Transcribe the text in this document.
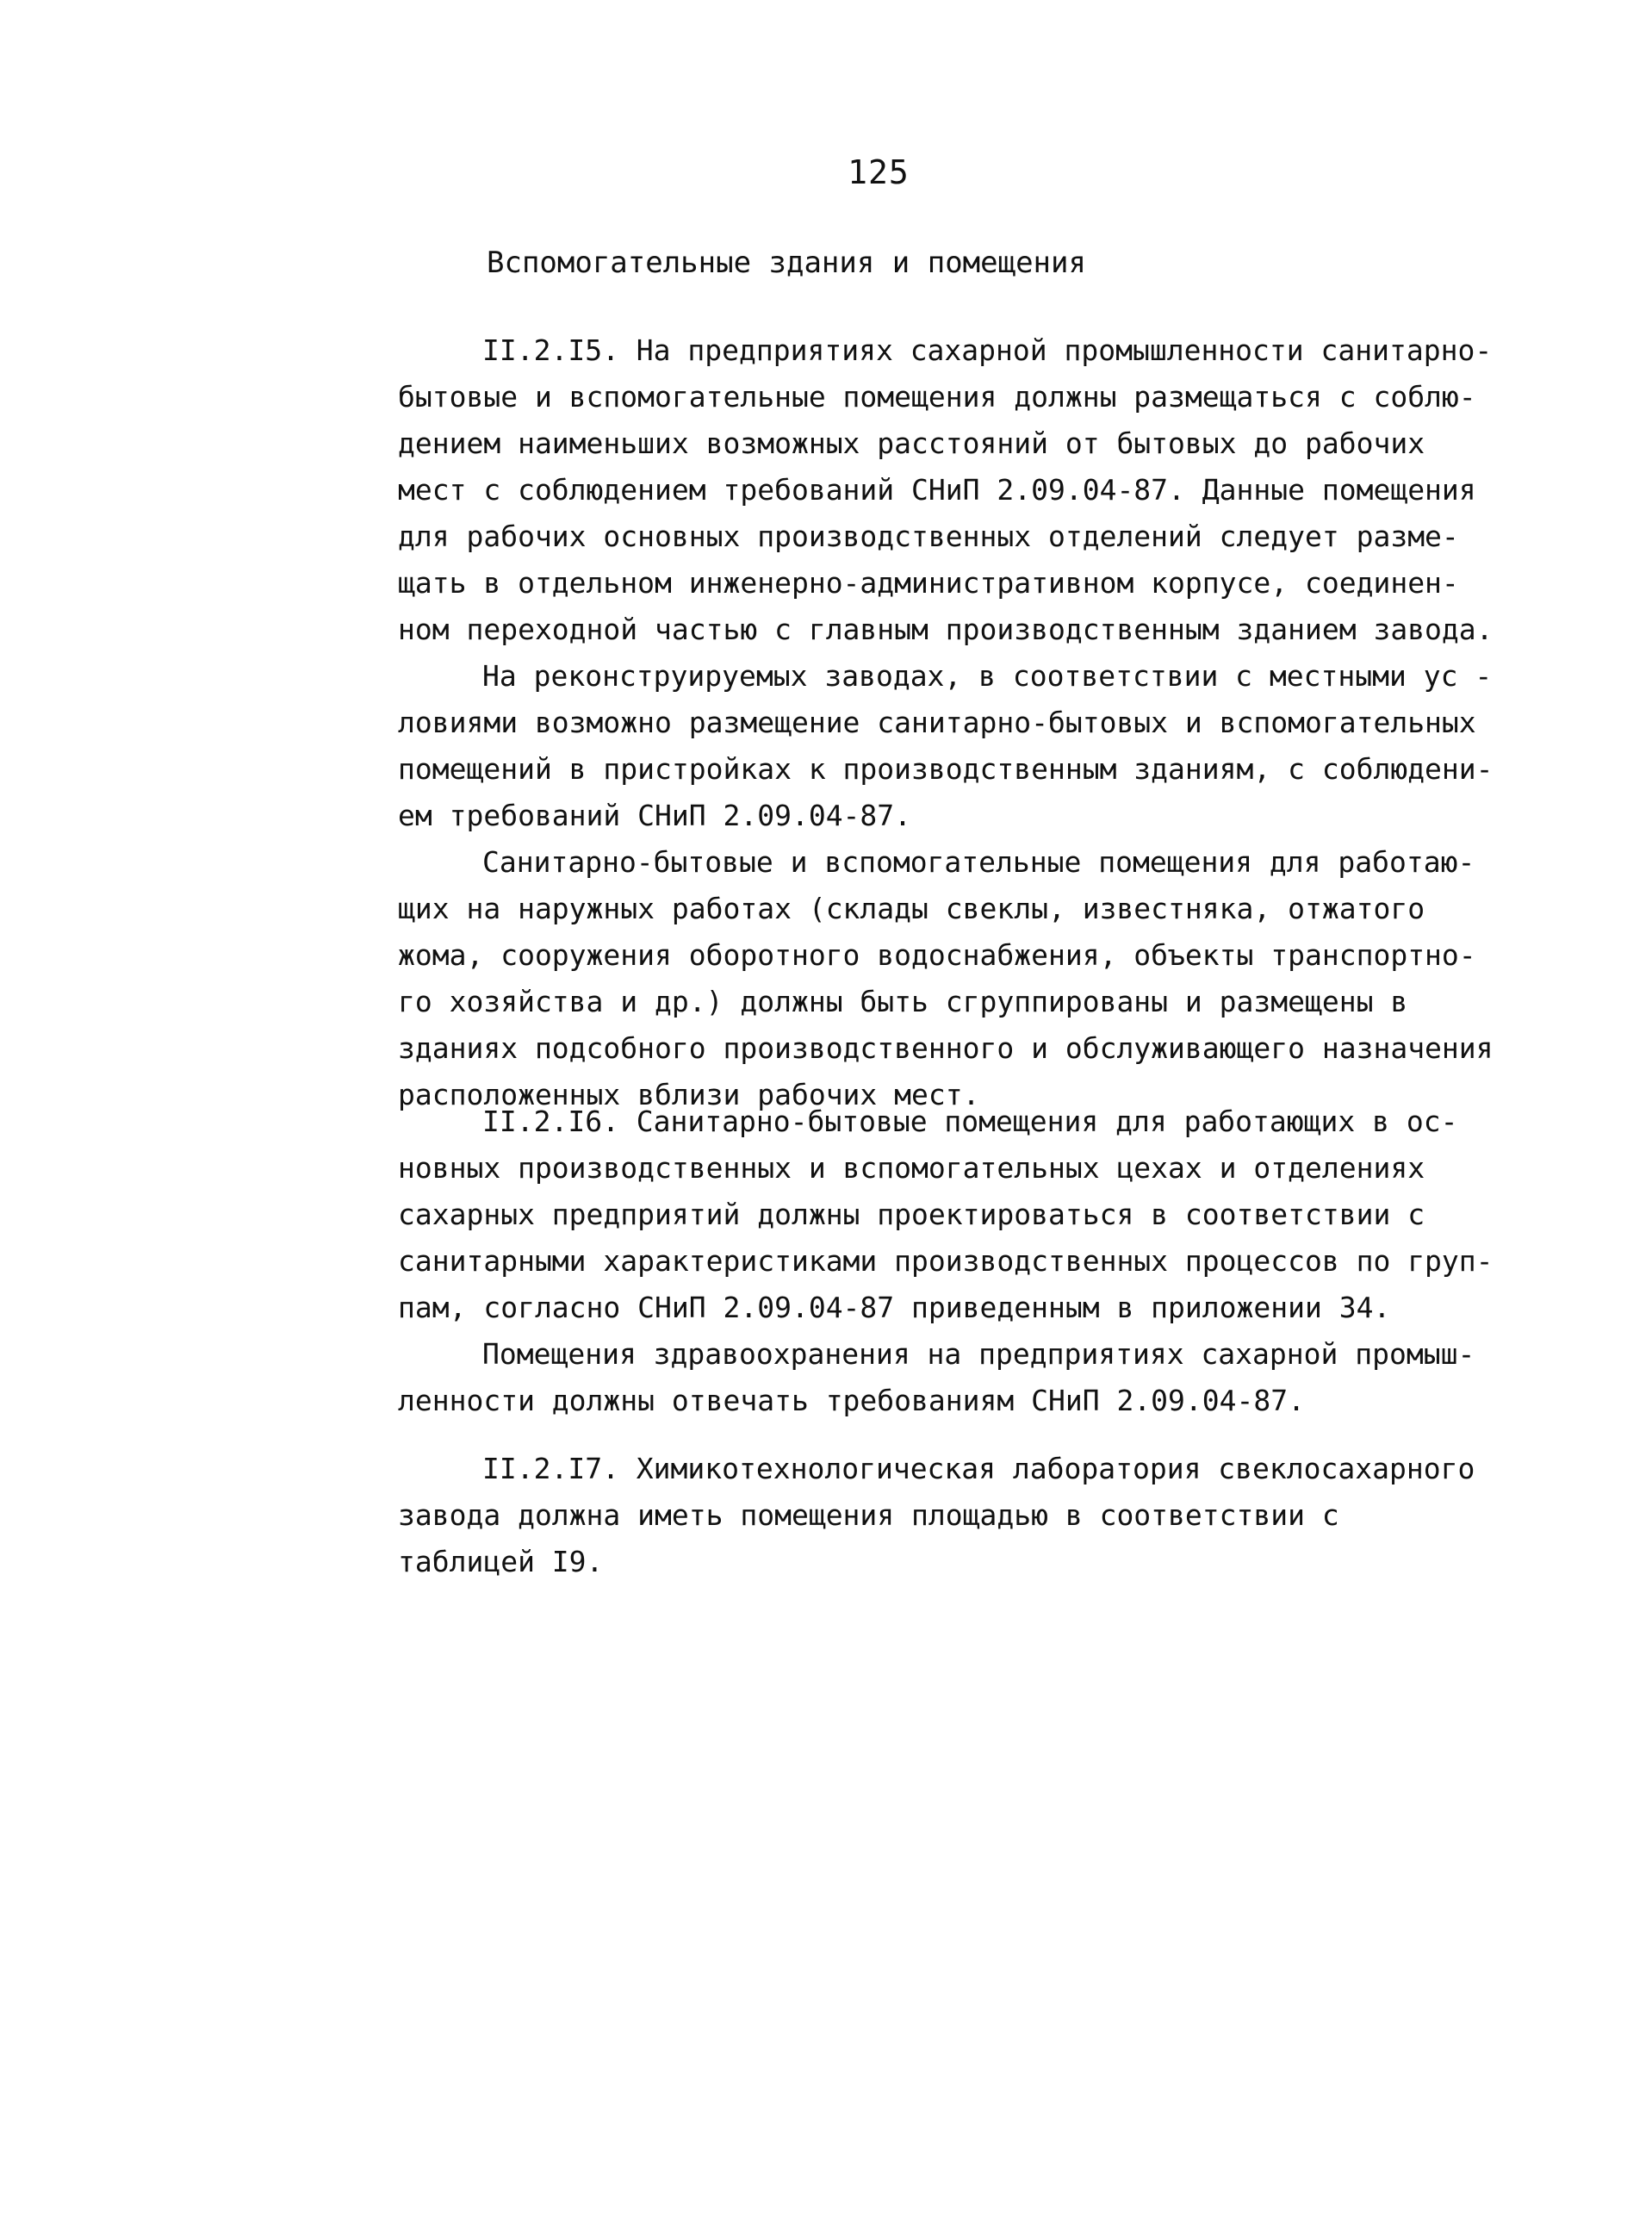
125
Вспомогательные здания и помещения
II.2.I5. На предприятиях сахарной промышленности санитарно-
бытовые и вспомогательные помещения должны размещаться с соблю-
дением наименьших возможных расстояний от бытовых до рабочих
мест с соблюдением требований СНиП 2.09.04-87. Данные помещения
для рабочих основных производственных отделений следует разме-
щать в отдельном инженерно-административном корпусе, соединен-
ном переходной частью с главным производственным зданием завода.
На реконструируемых заводах, в соответствии с местными ус -
ловиями возможно размещение санитарно-бытовых и вспомогательных
помещений в пристройках к производственным зданиям, с соблюдени-
ем требований СНиП 2.09.04-87.
Санитарно-бытовые и вспомогательные помещения для работаю-
щих на наружных работах (склады свеклы, известняка, отжатого
жома, сооружения оборотного водоснабжения, объекты транспортно-
го хозяйства и др.) должны быть сгруппированы и размещены в
зданиях подсобного производственного и обслуживающего назначения
расположенных вблизи рабочих мест.
II.2.I6. Санитарно-бытовые помещения для работающих в ос-
новных производственных и вспомогательных цехах и отделениях
сахарных предприятий должны проектироваться в соответствии с
санитарными характеристиками производственных процессов по груп-
пам, согласно СНиП 2.09.04-87 приведенным в приложении 34.
Помещения здравоохранения на предприятиях сахарной промыш-
ленности должны отвечать требованиям СНиП 2.09.04-87.
II.2.I7. Химикотехнологическая лаборатория свеклосахарного
завода должна иметь помещения площадью в соответствии с
таблицей I9.
